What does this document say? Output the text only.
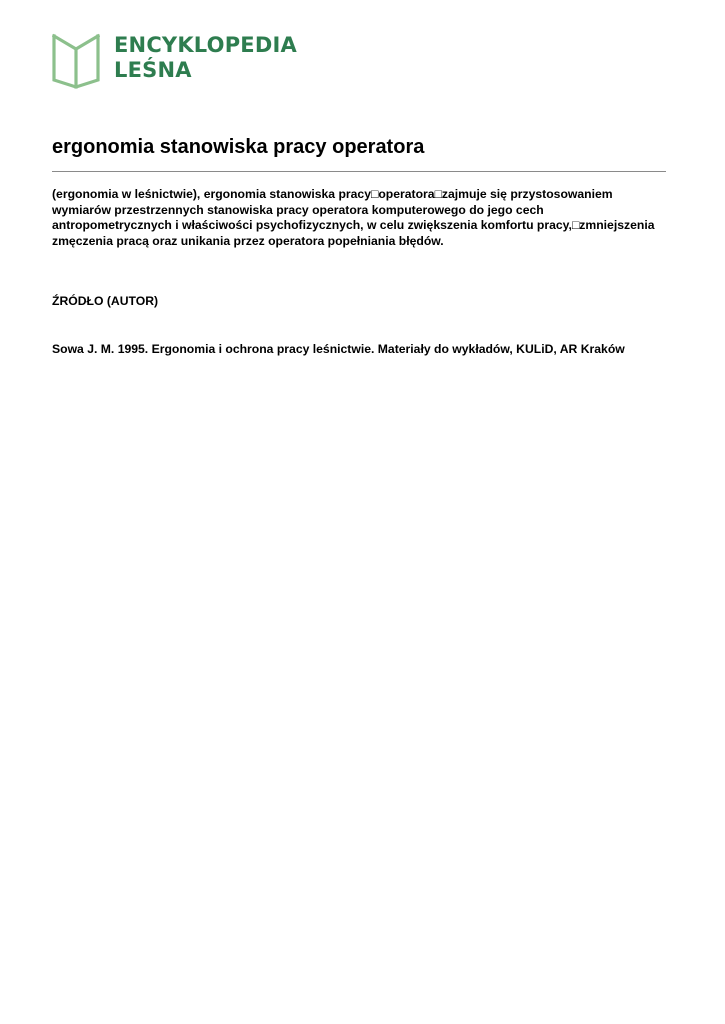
ENCYKLOPEDIA
LEŚNA
ergonomia stanowiska pracy operatora

(ergonomia w leśnictwie), ergonomia stanowiska pracy□operatora□zajmuje się przystosowaniem
wymiarów przestrzennych stanowiska pracy operatora komputerowego do jego cech
antropometrycznych i właściwości psychofizycznych, w celu zwiększenia komfortu pracy,□zmniejszenia
zmęczenia pracą oraz unikania przez operatora popełniania błędów.

ŹRÓDŁO (AUTOR)

Sowa J. M. 1995. Ergonomia i ochrona pracy leśnictwie. Materiały do wykładów, KULiD, AR Kraków
